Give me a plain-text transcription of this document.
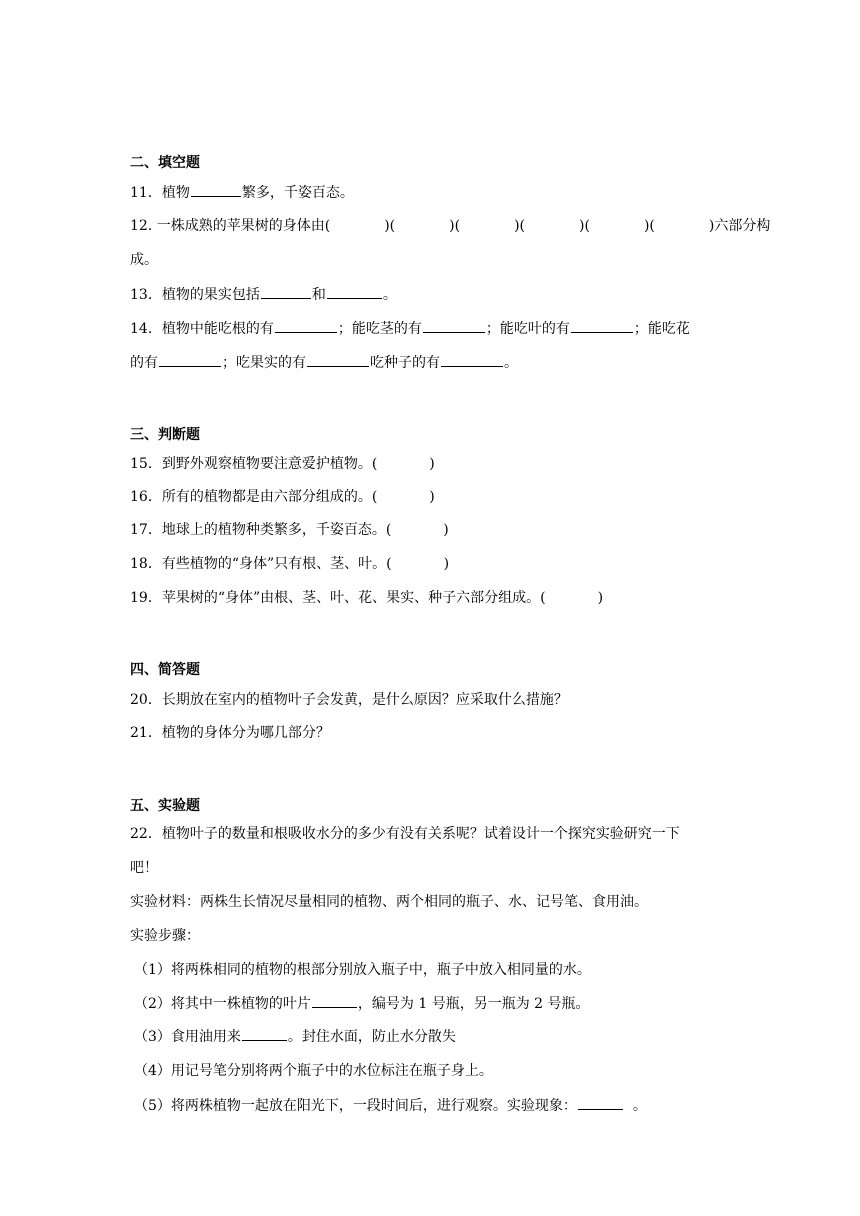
二、填空题
11．植物	繁多，千姿百态。
12. 一株成熟的苹果树的身体由(	)(	)(	)(	)(	)(	)六部分构
成。
13．植物的果实包括	和	。
14．植物中能吃根的有	；能吃茎的有	；能吃叶的有	；能吃花
的有	；吃果实的有	吃种子的有	。
三、判断题
15．到野外观察植物要注意爱护植物。(	)
16．所有的植物都是由六部分组成的。(	)
17．地球上的植物种类繁多，千姿百态。(	)
18．有些植物的“身体”只有根、茎、叶。(	)
19．苹果树的“身体”由根、茎、叶、花、果实、种子六部分组成。(	)
四、简答题
20．长期放在室内的植物叶子会发黄，是什么原因？应采取什么措施？
21．植物的身体分为哪几部分？
五、实验题
22．植物叶子的数量和根吸收水分的多少有没有关系呢？试着设计一个探究实验研究一下
吧！
实验材料：两株生长情况尽量相同的植物、两个相同的瓶子、水、记号笔、食用油。
实验步骤：
（1）将两株相同的植物的根部分别放入瓶子中，瓶子中放入相同量的水。
（2）将其中一株植物的叶片	，编号为 1 号瓶，另一瓶为 2 号瓶。
（3）食用油用来	。封住水面，防止水分散失
（4）用记号笔分别将两个瓶子中的水位标注在瓶子身上。
（5）将两株植物一起放在阳光下，一段时间后，进行观察。实验现象：	。
